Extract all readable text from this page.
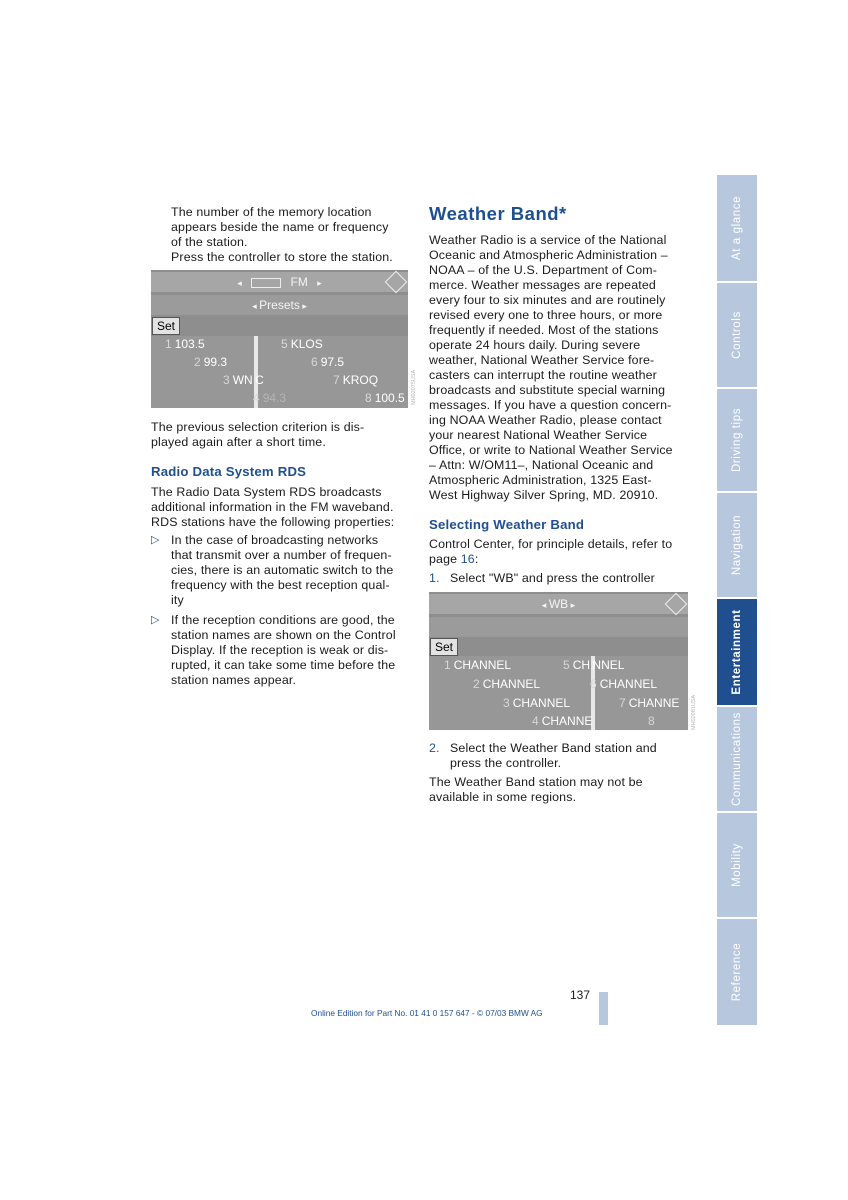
The number of the memory location
appears beside the name or frequency
of the station.
Press the controller to store the station.
◂	FM ▸
◂ Presets ▸
Set
1 103.5	5 KLOS
2 99.3	6 97.5
3 WN C	7 KROQ
4 94.3	8 100.5 MH02075USA
The previous selection criterion is dis-
played again after a short time.
Radio Data System RDS
The Radio Data System RDS broadcasts
additional information in the FM waveband.
RDS stations have the following properties:
▷ In the case of broadcasting networks
that transmit over a number of frequen-
cies, there is an automatic switch to the
frequency with the best reception qual-
ity
▷ If the reception conditions are good, the
station names are shown on the Control
Display. If the reception is weak or dis-
rupted, it can take some time before the
station names appear.
Weather Band*
Weather Radio is a service of the National
Oceanic and Atmospheric Administration –
NOAA – of the U.S. Department of Com-
merce. Weather messages are repeated
every four to six minutes and are routinely
revised every one to three hours, or more
frequently if needed. Most of the stations
operate 24 hours daily. During severe
weather, National Weather Service fore-
casters can interrupt the routine weather
broadcasts and substitute special warning
messages. If you have a question concern-
ing NOAA Weather Radio, please contact
your nearest National Weather Service
Office, or write to National Weather Service
– Attn: W/OM11–, National Oceanic and
Atmospheric Administration, 1325 East-
West Highway Silver Spring, MD. 20910.
Selecting Weather Band
Control Center, for principle details, refer to
page 16:
1. Select "WB" and press the controller
◂ WB ▸
Set
1 CHANNEL	5 CH NNEL
2 CHANNEL	6 CHANNEL
3 CHANNEL	7 CHANNE
4 CHANNE	8	MH02081USA
2. Select the Weather Band station and
press the controller.
The Weather Band station may not be
available in some regions.
At a glance
Controls
Driving tips
Navigation
Entertainment
Communications
Mobility
Reference
137
Online Edition for Part No. 01 41 0 157 647 - © 07/03 BMW AG
